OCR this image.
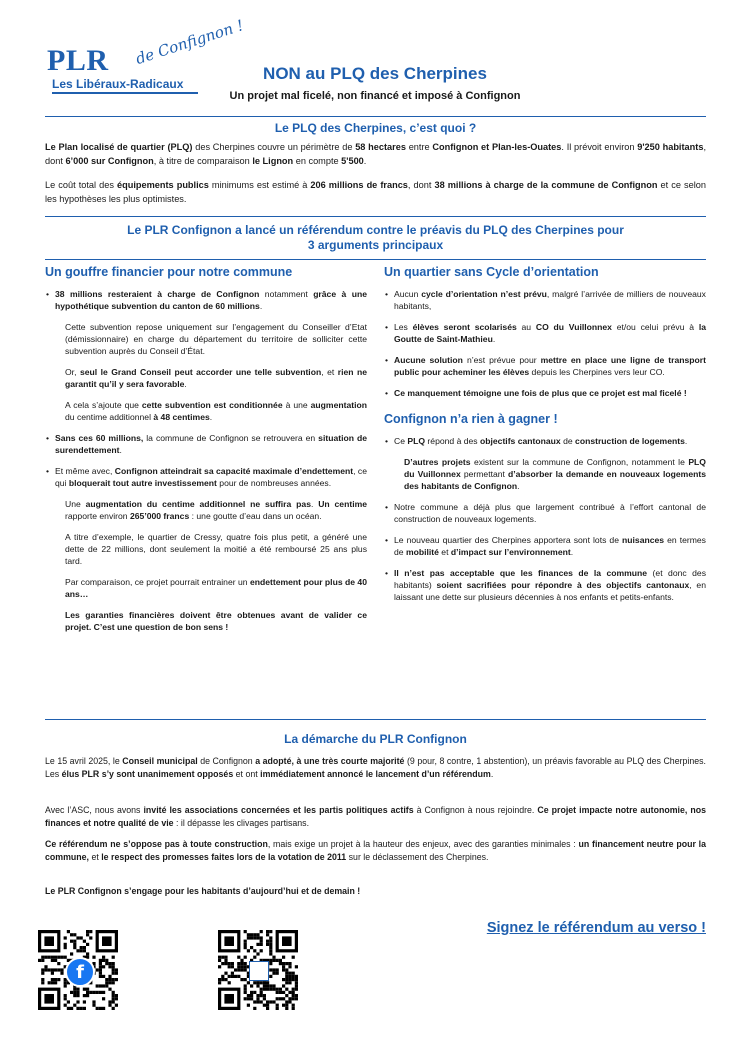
PLR de Confignon !
Les Libéraux-Radicaux
NON au PLQ des Cherpines

Un projet mal ficelé, non financé et imposé à Confignon

Le PLQ des Cherpines, c’est quoi ?

Le Plan localisé de quartier (PLQ) des Cherpines couvre un périmètre de 58 hectares entre Confignon et Plan-les-Ouates. Il prévoit environ 9'250 habitants, dont 6’000 sur Confignon, à titre de comparaison le Lignon en compte 5'500.

Le coût total des équipements publics minimums est estimé à 206 millions de francs, dont 38 millions à charge de la commune de Confignon et ce selon les hypothèses les plus optimistes.

Le PLR Confignon a lancé un référendum contre le préavis du PLQ des Cherpines pour
3 arguments principaux
Un gouffre financier pour notre commune
• 38 millions resteraient à charge de Confignon notamment grâce à une hypothétique subvention du canton de 60 millions.
Cette subvention repose uniquement sur l’engagement du Conseiller d’Etat (démissionnaire) en charge du département du territoire de solliciter cette subvention auprès du Conseil d’État.
Or, seul le Grand Conseil peut accorder une telle subvention, et rien ne garantit qu’il y sera favorable.
A cela s’ajoute que cette subvention est conditionnée à une augmentation du centime additionnel à 48 centimes.
• Sans ces 60 millions, la commune de Confignon se retrouvera en situation de surendettement.
• Et même avec, Confignon atteindrait sa capacité maximale d’endettement, ce qui bloquerait tout autre investissement pour de nombreuses années.
Une augmentation du centime additionnel ne suffira pas. Un centime rapporte environ 265’000 francs : une goutte d’eau dans un océan.
A titre d’exemple, le quartier de Cressy, quatre fois plus petit, a généré une dette de 22 millions, dont seulement la moitié a été remboursé 25 ans plus tard.
Par comparaison, ce projet pourrait entrainer un endettement pour plus de 40 ans…
Les garanties financières doivent être obtenues avant de valider ce projet. C’est une question de bon sens !
Un quartier sans Cycle d’orientation
• Aucun cycle d’orientation n’est prévu, malgré l’arrivée de milliers de nouveaux habitants,
• Les élèves seront scolarisés au CO du Vuillonnex et/ou celui prévu à la Goutte de Saint-Mathieu.
• Aucune solution n’est prévue pour mettre en place une ligne de transport public pour acheminer les élèves depuis les Cherpines vers leur CO.
• Ce manquement témoigne une fois de plus que ce projet est mal ficelé !
Confignon n’a rien à gagner !
• Ce PLQ répond à des objectifs cantonaux de construction de logements.
D’autres projets existent sur la commune de Confignon, notamment le PLQ du Vuillonnex permettant d’absorber la demande en nouveaux logements des habitants de Confignon.
• Notre commune a déjà plus que largement contribué à l’effort cantonal de construction de nouveaux logements.
• Le nouveau quartier des Cherpines apportera sont lots de nuisances en termes de mobilité et d’impact sur l’environnement.
• Il n’est pas acceptable que les finances de la commune (et donc des habitants) soient sacrifiées pour répondre à des objectifs cantonaux, en laissant une dette sur plusieurs décennies à nos enfants et petits-enfants.
La démarche du PLR Confignon

Le 15 avril 2025, le Conseil municipal de Confignon a adopté, à une très courte majorité (9 pour, 8 contre, 1 abstention), un préavis favorable au PLQ des Cherpines. Les élus PLR s’y sont unanimement opposés et ont immédiatement annoncé le lancement d’un référendum.

Avec l’ASC, nous avons invité les associations concernées et les partis politiques actifs à Confignon à nous rejoindre. Ce projet impacte notre autonomie, nos finances et notre qualité de vie : il dépasse les clivages partisans.

Ce référendum ne s’oppose pas à toute construction, mais exige un projet à la hauteur des enjeux, avec des garanties minimales : un financement neutre pour la commune, et le respect des promesses faites lors de la votation de 2011 sur le déclassement des Cherpines.

Le PLR Confignon s’engage pour les habitants d’aujourd’hui et de demain !

f
Signez le référendum au verso !
